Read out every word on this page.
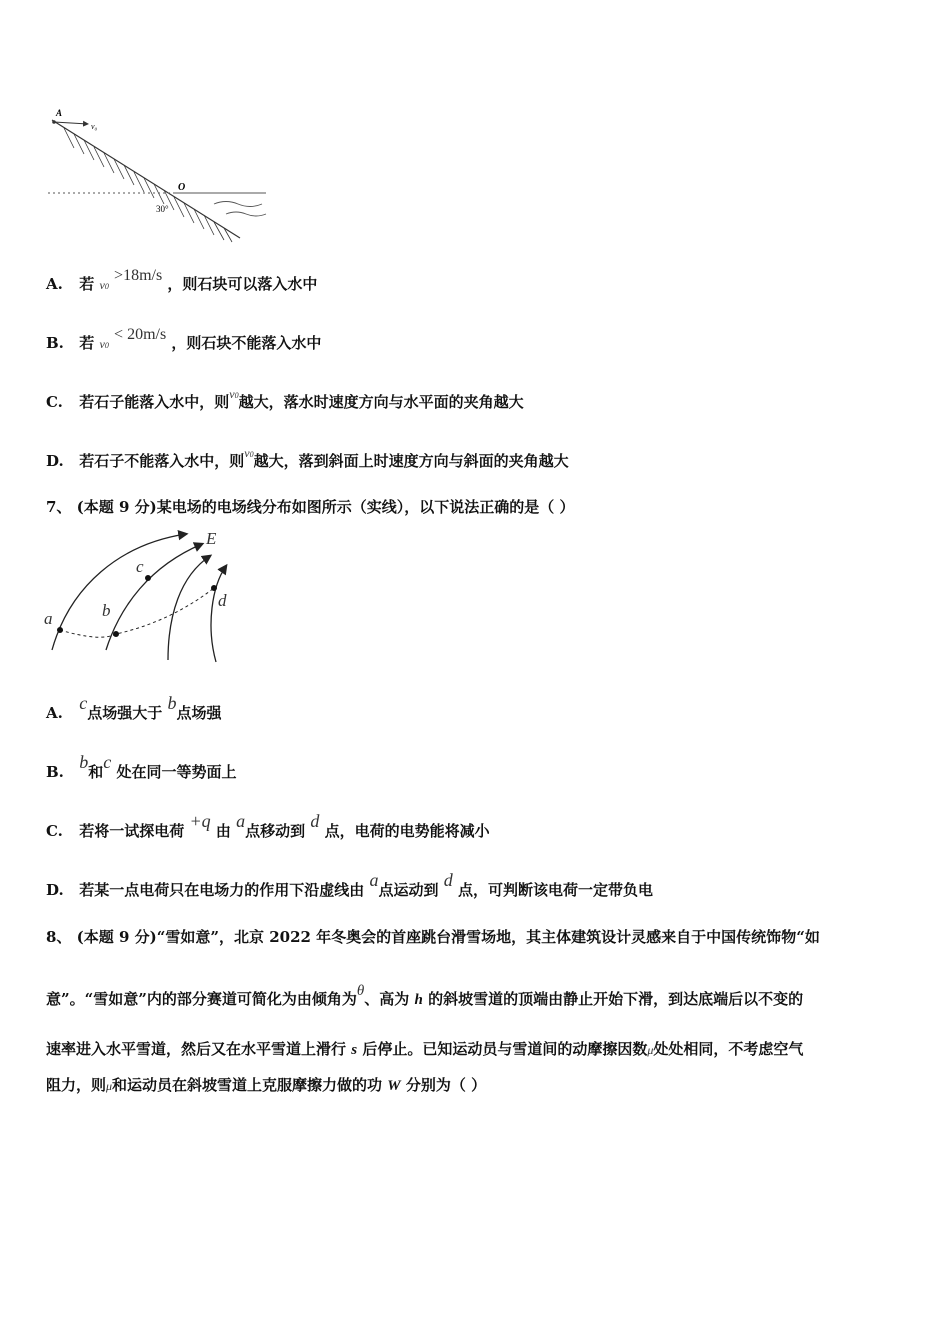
A
v₀
O
30°
A. 若 v0 >18m/s ，则石块可以落入水中
B. 若 v0 < 20m/s ，则石块不能落入水中
C. 若石子能落入水中，则$^{v0}$越大，落水时速度方向与水平面的夹角越大
D. 若石子不能落入水中，则$^{v0}$越大，落到斜面上时速度方向与斜面的夹角越大
7、 (本题 9 分)某电场的电场线分布如图所示（实线），以下说法正确的是（ ）
E
a	b
c
d
A. c点场强大于 b点场强
B. b和c 处在同一等势面上
C. 若将一试探电荷 +q 由 a点移动到 d 点，电荷的电势能将减小
D. 若某一点电荷只在电场力的作用下沿虚线由 a点运动到 d 点，可判断该电荷一定带负电
8、 (本题 9 分)“雪如意”，北京 2022 年冬奥会的首座跳台滑雪场地，其主体建筑设计灵感来自于中国传统饰物“如
意”。“雪如意”内的部分赛道可简化为由倾角为θ、高为 h 的斜坡雪道的顶端由静止开始下滑，到达底端后以不变的
速率进入水平雪道，然后又在水平雪道上滑行 s 后停止。已知运动员与雪道间的动摩擦因数μ处处相同，不考虑空气
阻力，则μ和运动员在斜坡雪道上克服摩擦力做的功 W 分别为（ ）
